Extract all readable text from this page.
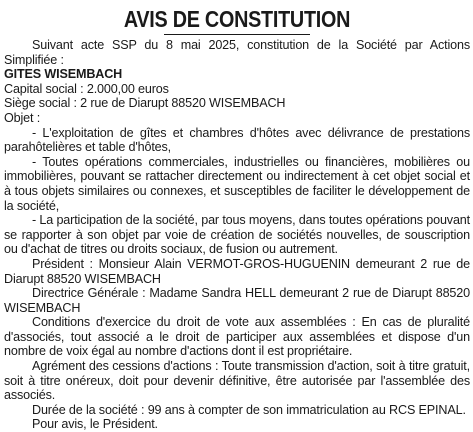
AVIS DE CONSTITUTION

Suivant acte SSP du 8 mai 2025, constitution de la Société par Actions Simplifiée :

GITES WISEMBACH

Capital social : 2.000,00 euros

Siège social : 2 rue de Diarupt 88520 WISEMBACH

Objet :

- L'exploitation de gîtes et chambres d'hôtes avec délivrance de prestations parahôtelières et table d'hôtes,

- Toutes opérations commerciales, industrielles ou financières, mobilières ou immobilières, pouvant se rattacher directement ou indirectement à cet objet social et à tous objets similaires ou connexes, et susceptibles de faciliter le développement de la société,

- La participation de la société, par tous moyens, dans toutes opérations pouvant se rapporter à son objet par voie de création de sociétés nouvelles, de souscription ou d'achat de titres ou droits sociaux, de fusion ou autrement.

Président : Monsieur Alain VERMOT-GROS-HUGUENIN demeurant 2 rue de Diarupt 88520 WISEMBACH

Directrice Générale : Madame Sandra HELL demeurant 2 rue de Diarupt 88520 WISEMBACH

Conditions d'exercice du droit de vote aux assemblées : En cas de pluralité d'associés, tout associé a le droit de participer aux assemblées et dispose d'un nombre de voix égal au nombre d'actions dont il est propriétaire.

Agrément des cessions d'actions : Toute transmission d'action, soit à titre gratuit, soit à titre onéreux, doit pour devenir définitive, être autorisée par l'assemblée des associés.

Durée de la société : 99 ans à compter de son immatriculation au RCS EPINAL.

Pour avis, le Président.
